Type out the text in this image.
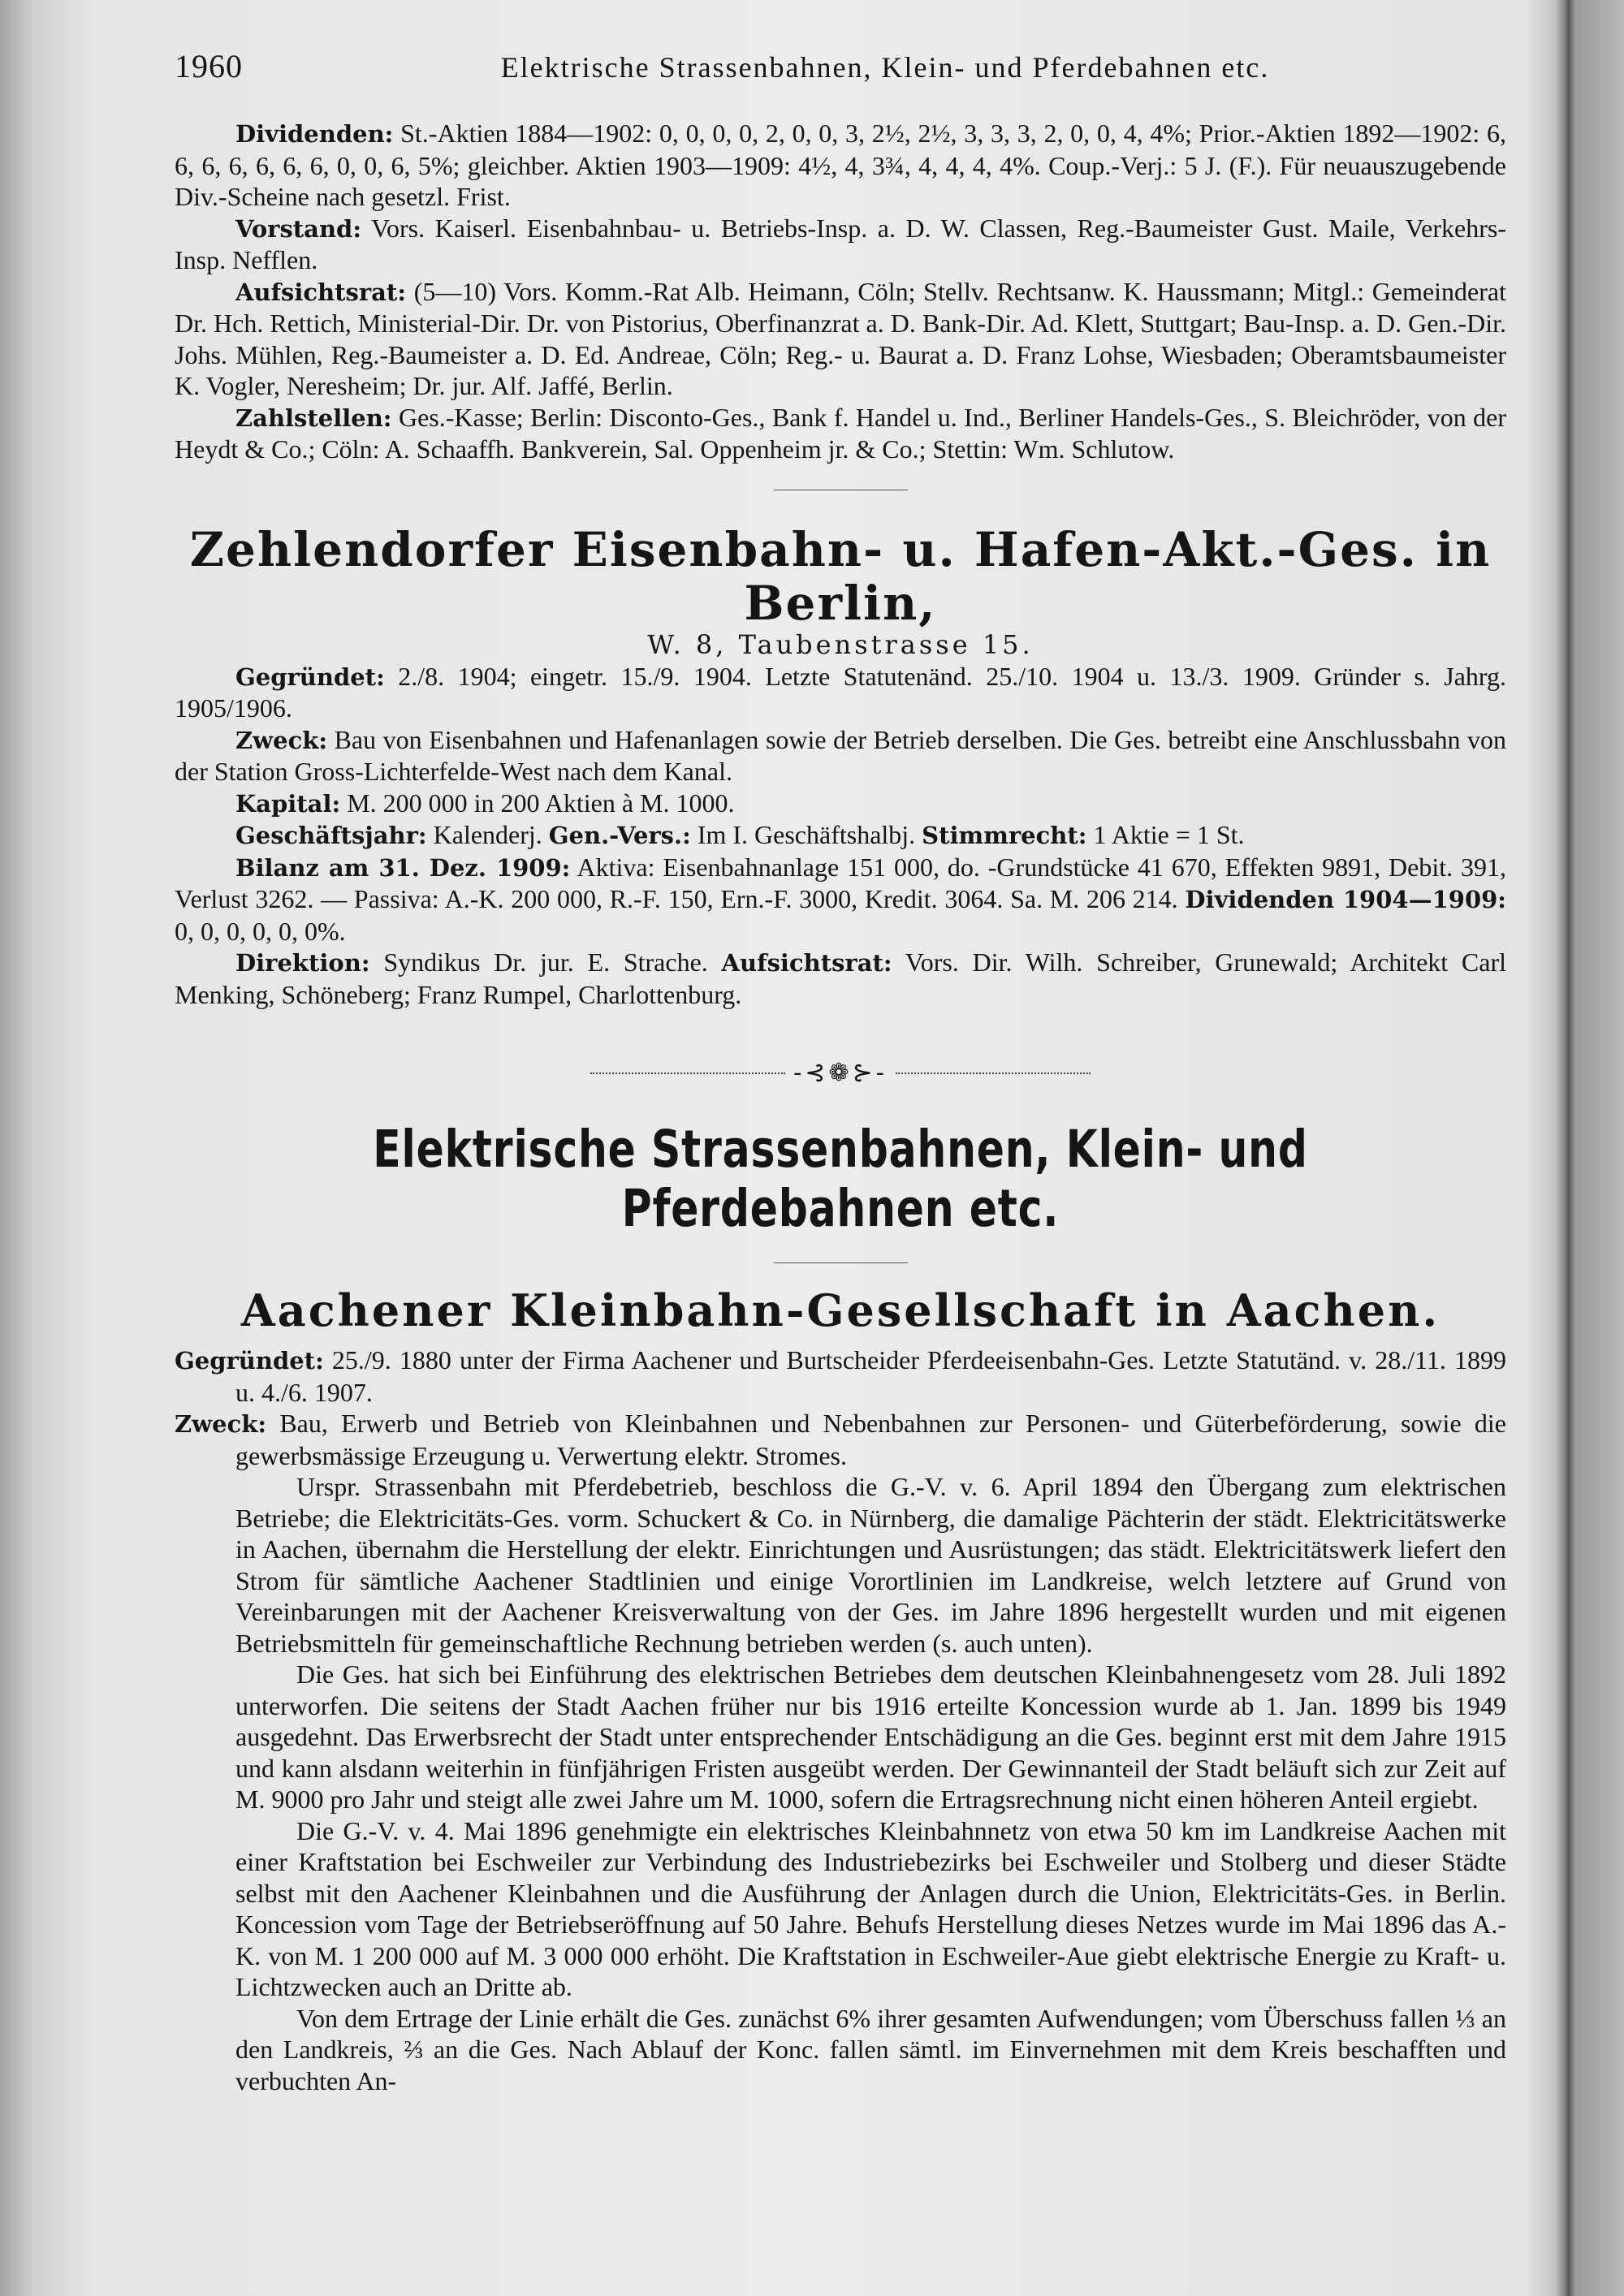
1960	Elektrische Strassenbahnen, Klein- und Pferdebahnen etc.

Dividenden: St.-Aktien 1884—1902: 0, 0, 0, 0, 2, 0, 0, 3, 2½, 2½, 3, 3, 3, 2, 0, 0, 4, 4%; Prior.-Aktien 1892—1902: 6, 6, 6, 6, 6, 6, 6, 0, 0, 6, 5%; gleichber. Aktien 1903—1909: 4½, 4, 3¾, 4, 4, 4, 4%. Coup.-Verj.: 5 J. (F.). Für neuauszugebende Div.-Scheine nach gesetzl. Frist.

Vorstand: Vors. Kaiserl. Eisenbahnbau- u. Betriebs-Insp. a. D. W. Classen, Reg.-Baumeister Gust. Maile, Verkehrs-Insp. Nefflen.

Aufsichtsrat: (5—10) Vors. Komm.-Rat Alb. Heimann, Cöln; Stellv. Rechtsanw. K. Haussmann; Mitgl.: Gemeinderat Dr. Hch. Rettich, Ministerial-Dir. Dr. von Pistorius, Oberfinanzrat a. D. Bank-Dir. Ad. Klett, Stuttgart; Bau-Insp. a. D. Gen.-Dir. Johs. Mühlen, Reg.-Baumeister a. D. Ed. Andreae, Cöln; Reg.- u. Baurat a. D. Franz Lohse, Wiesbaden; Oberamtsbaumeister K. Vogler, Neresheim; Dr. jur. Alf. Jaffé, Berlin.

Zahlstellen: Ges.-Kasse; Berlin: Disconto-Ges., Bank f. Handel u. Ind., Berliner Handels-Ges., S. Bleichröder, von der Heydt & Co.; Cöln: A. Schaaffh. Bankverein, Sal. Oppenheim jr. & Co.; Stettin: Wm. Schlutow.

Zehlendorfer Eisenbahn- u. Hafen-Akt.-Ges. in Berlin,
W. 8, Taubenstrasse 15.

Gegründet: 2./8. 1904; eingetr. 15./9. 1904. Letzte Statutenänd. 25./10. 1904 u. 13./3. 1909. Gründer s. Jahrg. 1905/1906.

Zweck: Bau von Eisenbahnen und Hafenanlagen sowie der Betrieb derselben. Die Ges. betreibt eine Anschlussbahn von der Station Gross-Lichterfelde-West nach dem Kanal.

Kapital: M. 200 000 in 200 Aktien à M. 1000.

Geschäftsjahr: Kalenderj. Gen.-Vers.: Im I. Geschäftshalbj. Stimmrecht: 1 Aktie = 1 St.

Bilanz am 31. Dez. 1909: Aktiva: Eisenbahnanlage 151 000, do. -Grundstücke 41 670, Effekten 9891, Debit. 391, Verlust 3262. — Passiva: A.-K. 200 000, R.-F. 150, Ern.-F. 3000, Kredit. 3064. Sa. M. 206 214. Dividenden 1904—1909: 0, 0, 0, 0, 0, 0%.

Direktion: Syndikus Dr. jur. E. Strache. Aufsichtsrat: Vors. Dir. Wilh. Schreiber, Grunewald; Architekt Carl Menking, Schöneberg; Franz Rumpel, Charlottenburg.

-⊰❁⊱-
Elektrische Strassenbahnen, Klein- und Pferdebahnen etc.
Aachener Kleinbahn-Gesellschaft in Aachen.

Gegründet: 25./9. 1880 unter der Firma Aachener und Burtscheider Pferdeeisenbahn-Ges. Letzte Statutänd. v. 28./11. 1899 u. 4./6. 1907.

Zweck: Bau, Erwerb und Betrieb von Kleinbahnen und Nebenbahnen zur Personen- und Güterbeförderung, sowie die gewerbsmässige Erzeugung u. Verwertung elektr. Stromes.

Urspr. Strassenbahn mit Pferdebetrieb, beschloss die G.-V. v. 6. April 1894 den Übergang zum elektrischen Betriebe; die Elektricitäts-Ges. vorm. Schuckert & Co. in Nürnberg, die damalige Pächterin der städt. Elektricitätswerke in Aachen, übernahm die Herstellung der elektr. Einrichtungen und Ausrüstungen; das städt. Elektricitätswerk liefert den Strom für sämtliche Aachener Stadtlinien und einige Vorortlinien im Landkreise, welch letztere auf Grund von Vereinbarungen mit der Aachener Kreisverwaltung von der Ges. im Jahre 1896 hergestellt wurden und mit eigenen Betriebsmitteln für gemeinschaftliche Rechnung betrieben werden (s. auch unten).

Die Ges. hat sich bei Einführung des elektrischen Betriebes dem deutschen Kleinbahnengesetz vom 28. Juli 1892 unterworfen. Die seitens der Stadt Aachen früher nur bis 1916 erteilte Koncession wurde ab 1. Jan. 1899 bis 1949 ausgedehnt. Das Erwerbsrecht der Stadt unter entsprechender Entschädigung an die Ges. beginnt erst mit dem Jahre 1915 und kann alsdann weiterhin in fünfjährigen Fristen ausgeübt werden. Der Gewinnanteil der Stadt beläuft sich zur Zeit auf M. 9000 pro Jahr und steigt alle zwei Jahre um M. 1000, sofern die Ertragsrechnung nicht einen höheren Anteil ergiebt.

Die G.-V. v. 4. Mai 1896 genehmigte ein elektrisches Kleinbahnnetz von etwa 50 km im Landkreise Aachen mit einer Kraftstation bei Eschweiler zur Verbindung des Industriebezirks bei Eschweiler und Stolberg und dieser Städte selbst mit den Aachener Kleinbahnen und die Ausführung der Anlagen durch die Union, Elektricitäts-Ges. in Berlin. Koncession vom Tage der Betriebseröffnung auf 50 Jahre. Behufs Herstellung dieses Netzes wurde im Mai 1896 das A.-K. von M. 1 200 000 auf M. 3 000 000 erhöht. Die Kraftstation in Eschweiler-Aue giebt elektrische Energie zu Kraft- u. Lichtzwecken auch an Dritte ab.

Von dem Ertrage der Linie erhält die Ges. zunächst 6% ihrer gesamten Aufwendungen; vom Überschuss fallen ⅓ an den Landkreis, ⅔ an die Ges. Nach Ablauf der Konc. fallen sämtl. im Einvernehmen mit dem Kreis beschafften und verbuchten An-
